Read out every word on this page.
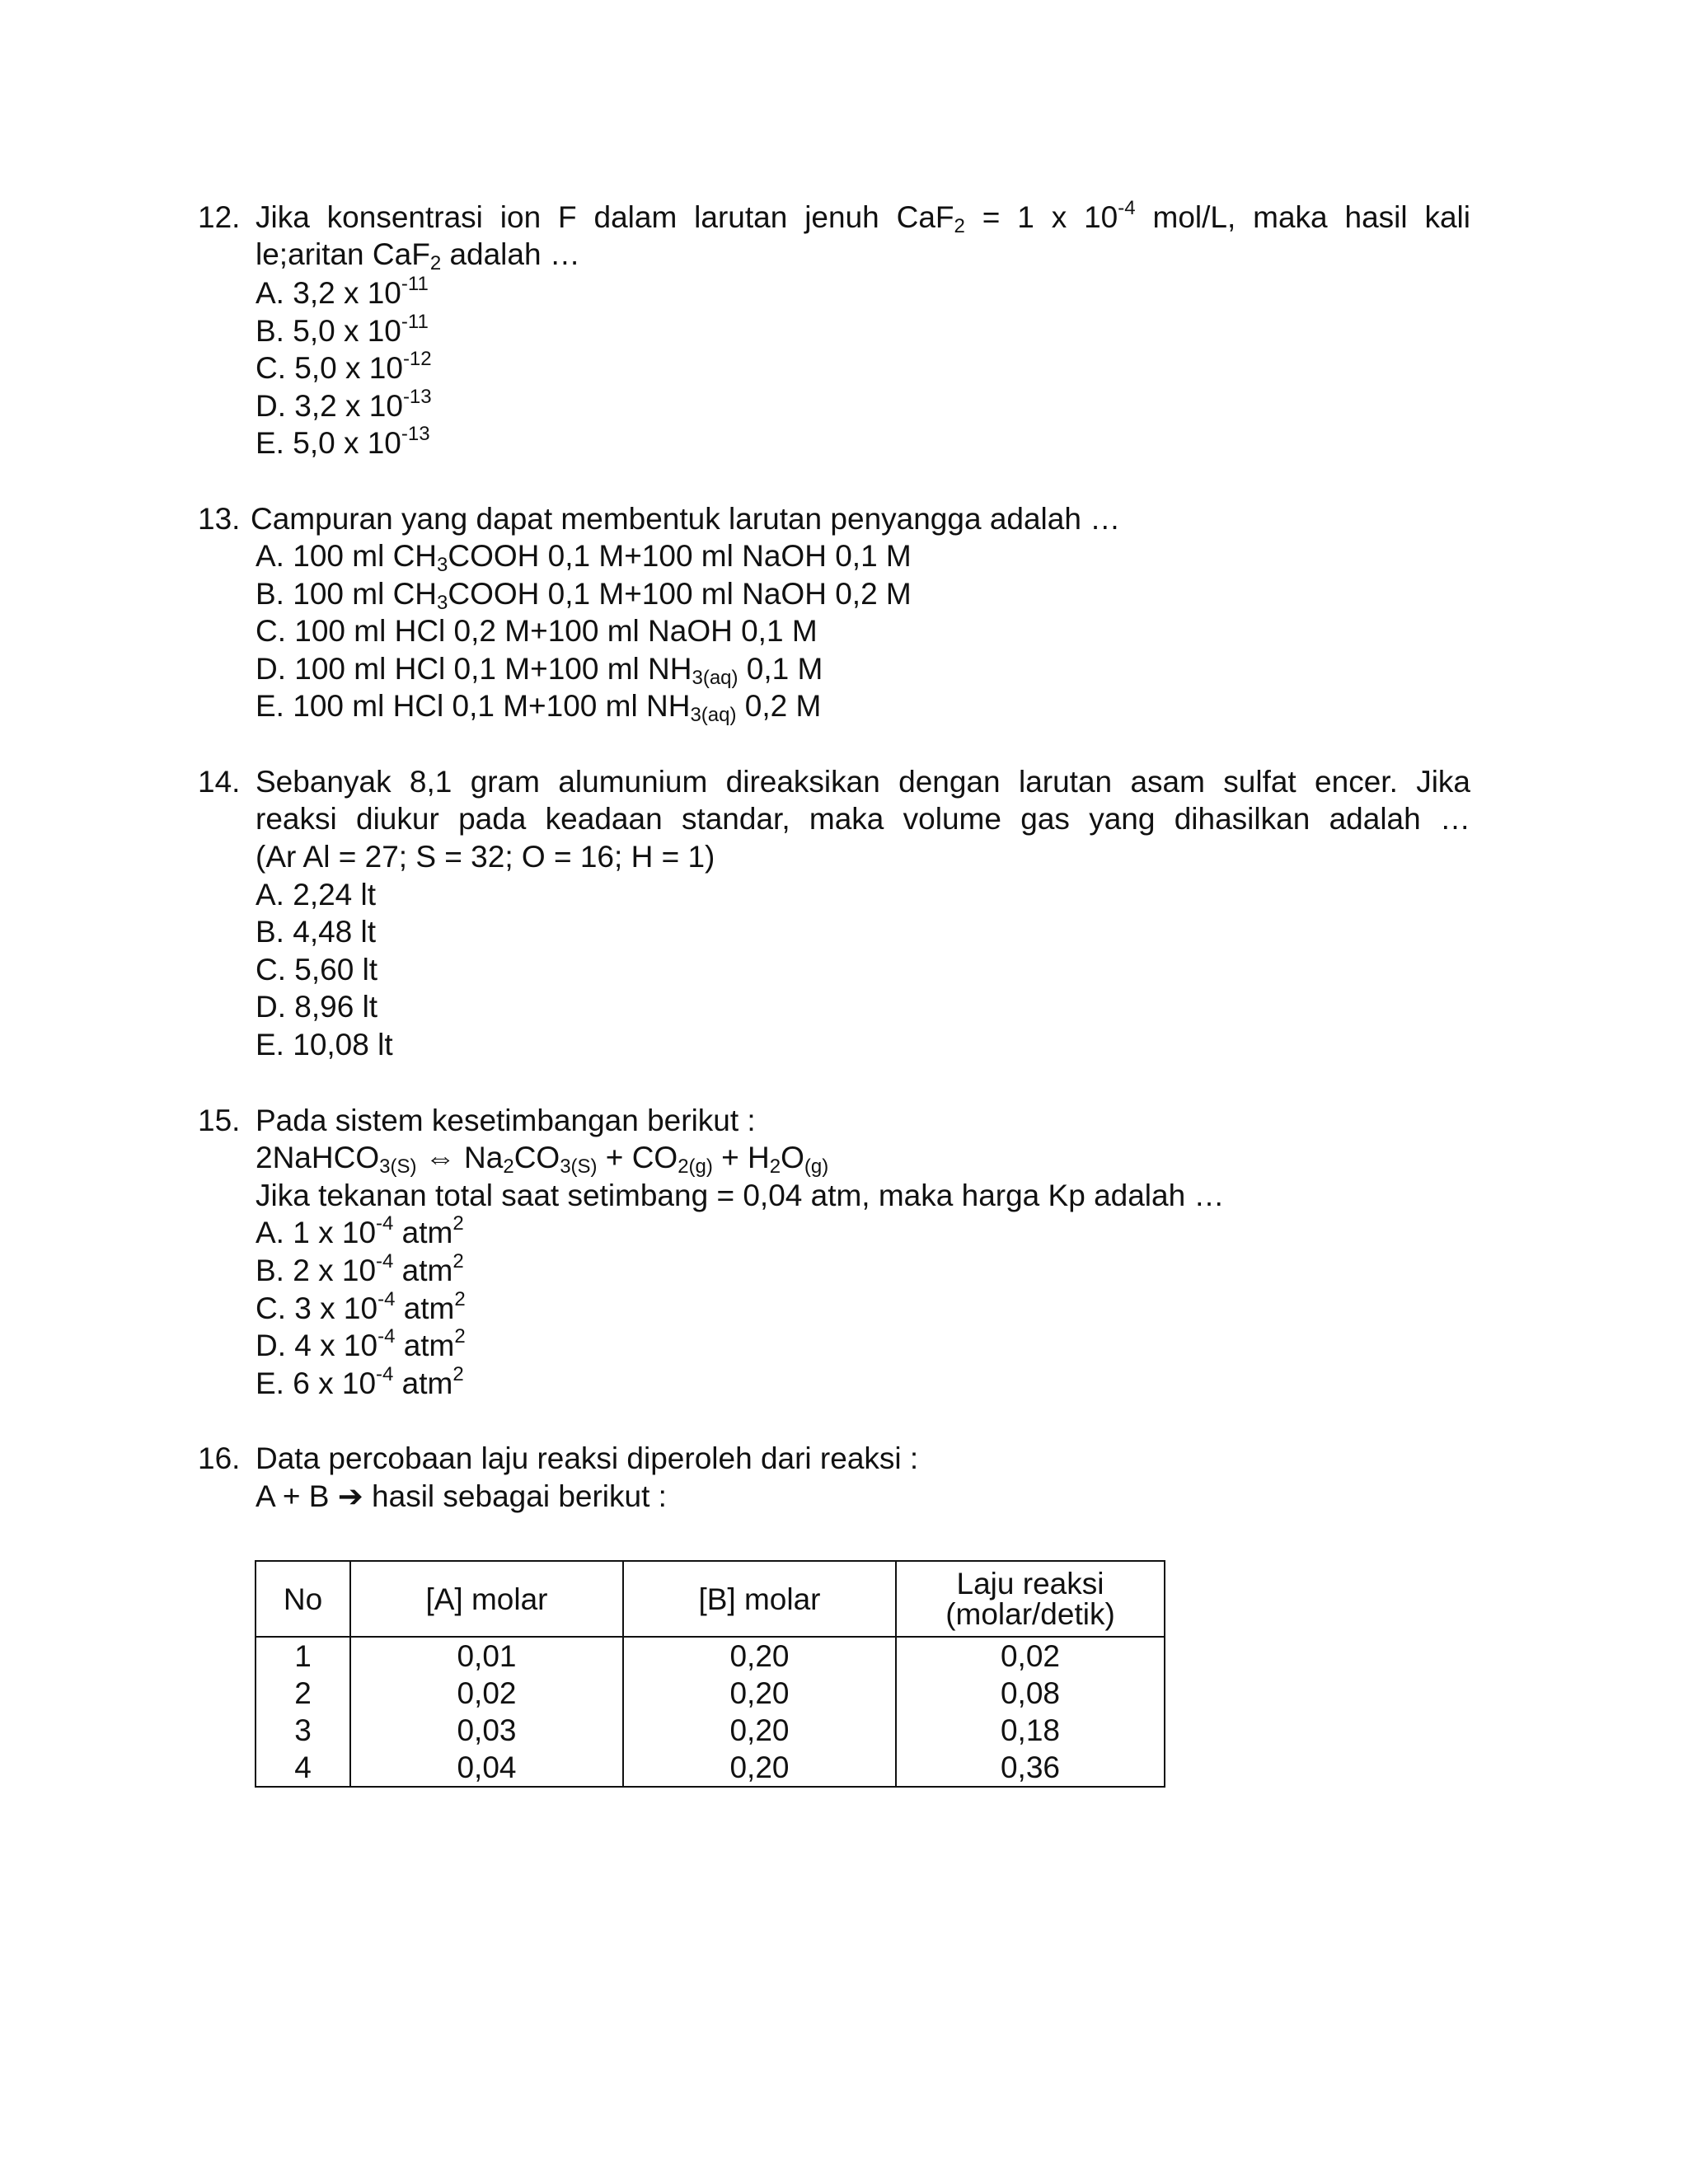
12. Jika konsentrasi ion F dalam larutan jenuh CaF$_2$ = 1 x $10^{-4}$ mol/L, maka hasil kali
le;aritan CaF$_2$ adalah …
A. 3,2 x $10^{-11}$
B. 5,0 x $10^{-11}$
C. 5,0 x $10^{-12}$
D. 3,2 x $10^{-13}$
E. 5,0 x $10^{-13}$
13. Campuran yang dapat membentuk larutan penyangga adalah …
A. 100 ml $CH_3COOH$ 0,1 M+100 ml NaOH 0,1 M
B. 100 ml $CH_3COOH$ 0,1 M+100 ml NaOH 0,2 M
C. 100 ml HCl 0,2 M+100 ml NaOH 0,1 M
D. 100 ml HCl 0,1 M+100 ml $NH_{3(aq)}$ 0,1 M
E. 100 ml HCl 0,1 M+100 ml $NH_{3(aq)}$ 0,2 M
14. Sebanyak 8,1 gram alumunium direaksikan dengan larutan asam sulfat encer. Jika
reaksi diukur pada keadaan standar, maka volume gas yang dihasilkan adalah …
(Ar Al = 27; S = 32; O = 16; H = 1)
A. 2,24 lt
B. 4,48 lt
C. 5,60 lt
D. 8,96 lt
E. 10,08 lt
15. Pada sistem kesetimbangan berikut :
2NaHCO$_{3(S)}$ ⇔ $Na_2CO_{3(S)} + CO_{2(g)} + H_2O_{(g)}$
Jika tekanan total saat setimbang = 0,04 atm, maka harga Kp adalah …
A. 1 x $10^{-4}$ atm$^2$
B. 2 x $10^{-4}$ atm$^2$
C. 3 x $10^{-4}$ atm$^2$
D. 4 x $10^{-4}$ atm$^2$
E. 6 x $10^{-4}$ atm$^2$
16. Data percobaan laju reaksi diperoleh dari reaksi :
A + B ➔ hasil sebagai berikut :
No	[A] molar	[B] molar	Laju reaksi
(molar/detik)

1	0,01	0,20	0,02
2	0,02	0,20	0,08
3	0,03	0,20	0,18
4	0,04	0,20	0,36
